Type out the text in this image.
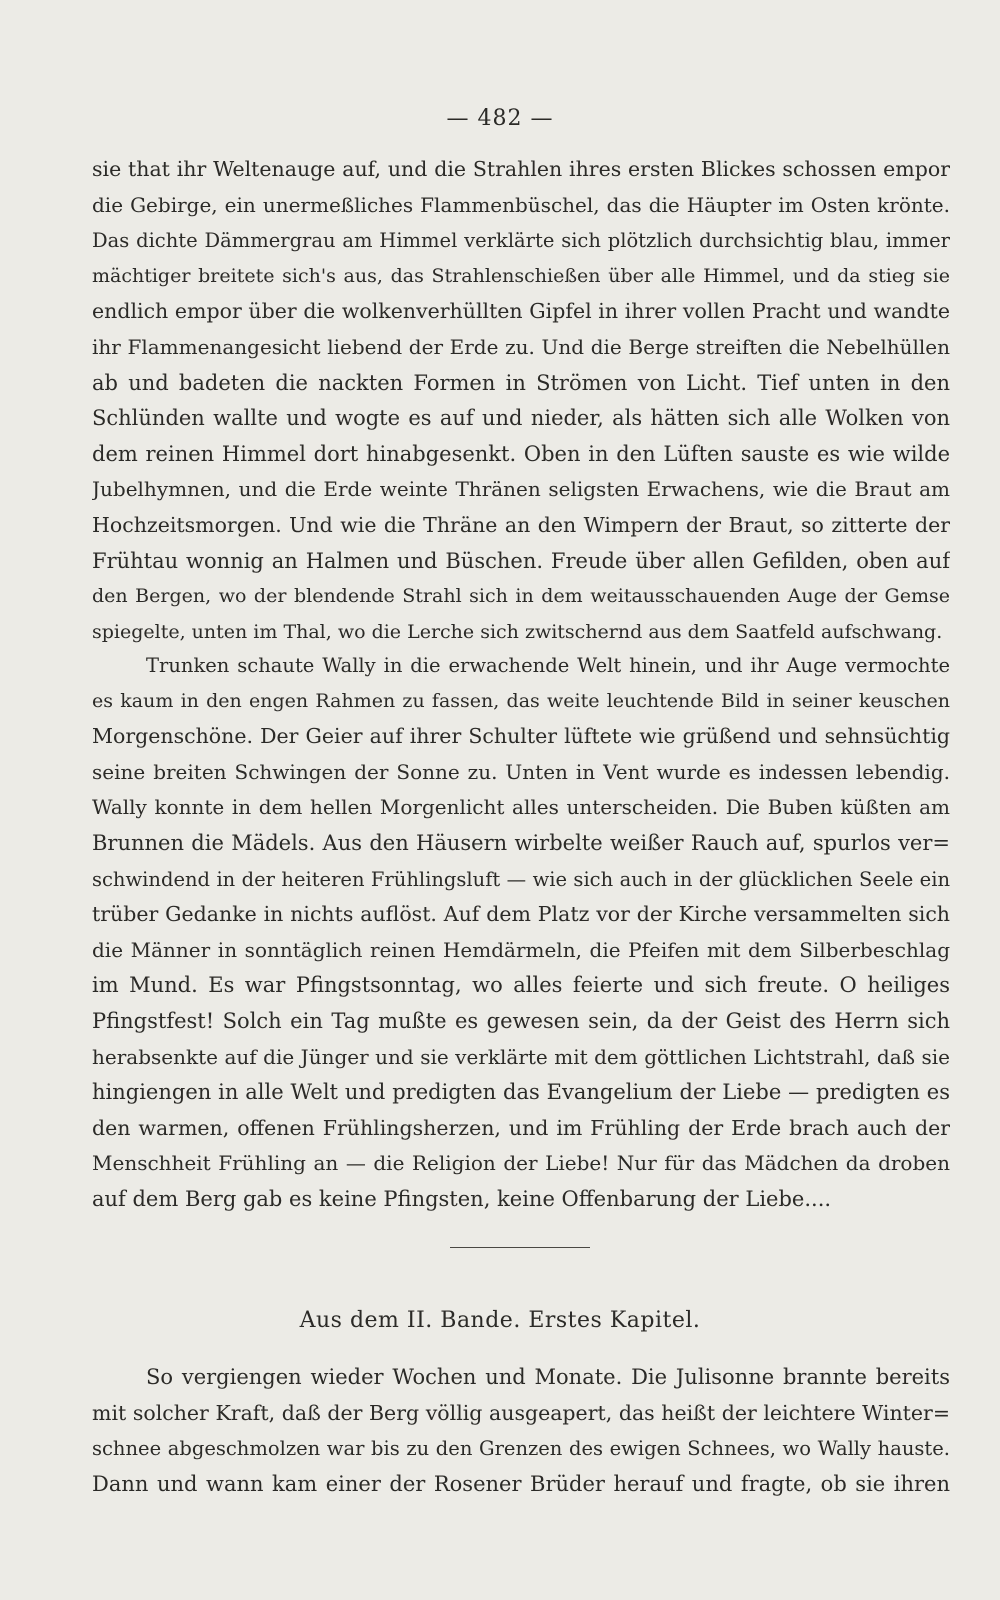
— 482 —
sie that ihr Weltenauge auf, und die Strahlen ihres ersten Blickes schossen empor
die Gebirge, ein unermeßliches Flammenbüschel, das die Häupter im Osten krönte.
Das dichte Dämmergrau am Himmel verklärte sich plötzlich durchsichtig blau, immer
mächtiger breitete sich's aus, das Strahlenschießen über alle Himmel, und da stieg sie
endlich empor über die wolkenverhüllten Gipfel in ihrer vollen Pracht und wandte
ihr Flammenangesicht liebend der Erde zu. Und die Berge streiften die Nebelhüllen
ab und badeten die nackten Formen in Strömen von Licht. Tief unten in den
Schlünden wallte und wogte es auf und nieder, als hätten sich alle Wolken von
dem reinen Himmel dort hinabgesenkt. Oben in den Lüften sauste es wie wilde
Jubelhymnen, und die Erde weinte Thränen seligsten Erwachens, wie die Braut am
Hochzeitsmorgen. Und wie die Thräne an den Wimpern der Braut, so zitterte der
Frühtau wonnig an Halmen und Büschen. Freude über allen Gefilden, oben auf
den Bergen, wo der blendende Strahl sich in dem weitausschauenden Auge der Gemse
spiegelte, unten im Thal, wo die Lerche sich zwitschernd aus dem Saatfeld aufschwang.
Trunken schaute Wally in die erwachende Welt hinein, und ihr Auge vermochte
es kaum in den engen Rahmen zu fassen, das weite leuchtende Bild in seiner keuschen
Morgenschöne. Der Geier auf ihrer Schulter lüftete wie grüßend und sehnsüchtig
seine breiten Schwingen der Sonne zu. Unten in Vent wurde es indessen lebendig.
Wally konnte in dem hellen Morgenlicht alles unterscheiden. Die Buben küßten am
Brunnen die Mädels. Aus den Häusern wirbelte weißer Rauch auf, spurlos ver=
schwindend in der heiteren Frühlingsluft — wie sich auch in der glücklichen Seele ein
trüber Gedanke in nichts auflöst. Auf dem Platz vor der Kirche versammelten sich
die Männer in sonntäglich reinen Hemdärmeln, die Pfeifen mit dem Silberbeschlag
im Mund. Es war Pfingstsonntag, wo alles feierte und sich freute. O heiliges
Pfingstfest! Solch ein Tag mußte es gewesen sein, da der Geist des Herrn sich
herabsenkte auf die Jünger und sie verklärte mit dem göttlichen Lichtstrahl, daß sie
hingiengen in alle Welt und predigten das Evangelium der Liebe — predigten es
den warmen, offenen Frühlingsherzen, und im Frühling der Erde brach auch der
Menschheit Frühling an — die Religion der Liebe! Nur für das Mädchen da droben
auf dem Berg gab es keine Pfingsten, keine Offenbarung der Liebe....
Aus dem II. Bande. Erstes Kapitel.
So vergiengen wieder Wochen und Monate. Die Julisonne brannte bereits
mit solcher Kraft, daß der Berg völlig ausgeapert, das heißt der leichtere Winter=
schnee abgeschmolzen war bis zu den Grenzen des ewigen Schnees, wo Wally hauste.
Dann und wann kam einer der Rosener Brüder herauf und fragte, ob sie ihren
